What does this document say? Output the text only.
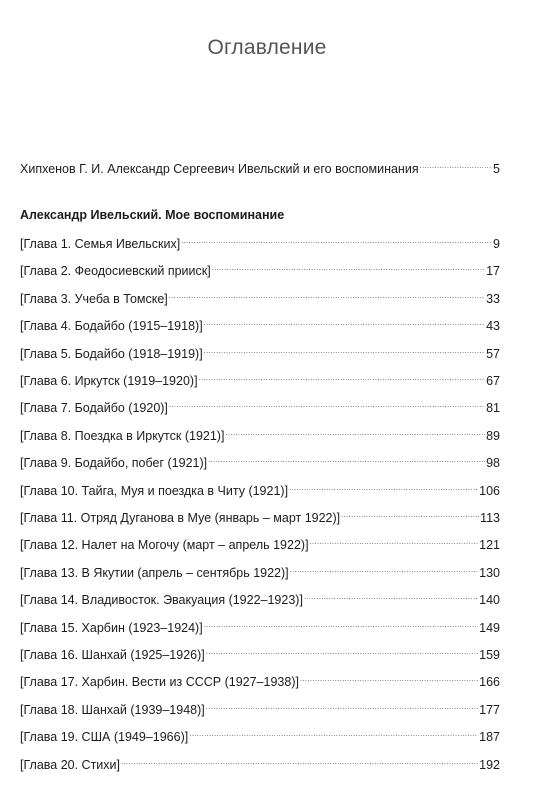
Оглавление
Хипхенов Г. И. Александр Сергеевич Ивельский и его воспоминания .....	5
Александр Ивельский. Мое воспоминание
[Глава 1. Семья Ивельских] .....	9
[Глава 2. Феодосиевский прииск] .....	17
[Глава 3. Учеба в Томске] .....	33
[Глава 4. Бодайбо (1915–1918)] .....	43
[Глава 5. Бодайбо (1918–1919)] .....	57
[Глава 6. Иркутск (1919–1920)] .....	67
[Глава 7. Бодайбо (1920)] .....	81
[Глава 8. Поездка в Иркутск (1921)] .....	89
[Глава 9. Бодайбо, побег (1921)] .....	98
[Глава 10. Тайга, Муя и поездка в Читу (1921)] .....	106
[Глава 11. Отряд Дуганова в Муе (январь – март 1922)] .....	113
[Глава 12. Налет на Могочу (март – апрель 1922)] .....	121
[Глава 13. В Якутии (апрель – сентябрь 1922)] .....	130
[Глава 14. Владивосток. Эвакуация (1922–1923)] .....	140
[Глава 15. Харбин (1923–1924)] .....	149
[Глава 16. Шанхай (1925–1926)] .....	159
[Глава 17. Харбин. Вести из СССР (1927–1938)] .....	166
[Глава 18. Шанхай (1939–1948)] .....	177
[Глава 19. США (1949–1966)] .....	187
[Глава 20. Стихи] .....	192
